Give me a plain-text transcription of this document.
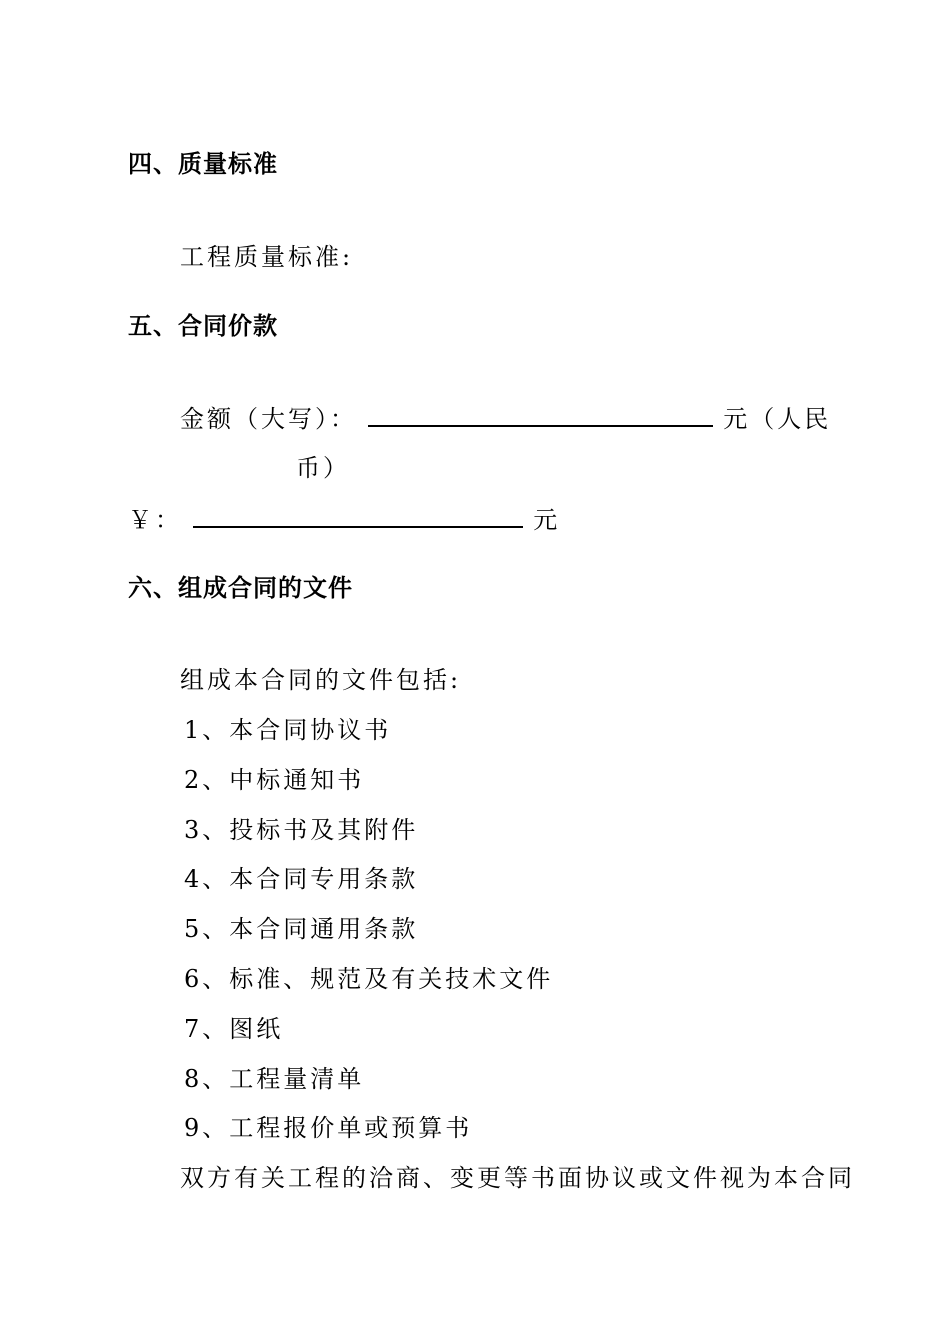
四、质量标准
工程质量标准:
五、合同价款
金额（大写）：	元（人民
币）
￥：	元
六、组成合同的文件
组成本合同的文件包括:
1、本合同协议书
2、中标通知书
3、投标书及其附件
4、本合同专用条款
5、本合同通用条款
6、标准、规范及有关技术文件
7、图纸
8、工程量清单
9、工程报价单或预算书
双方有关工程的洽商、变更等书面协议或文件视为本合同
